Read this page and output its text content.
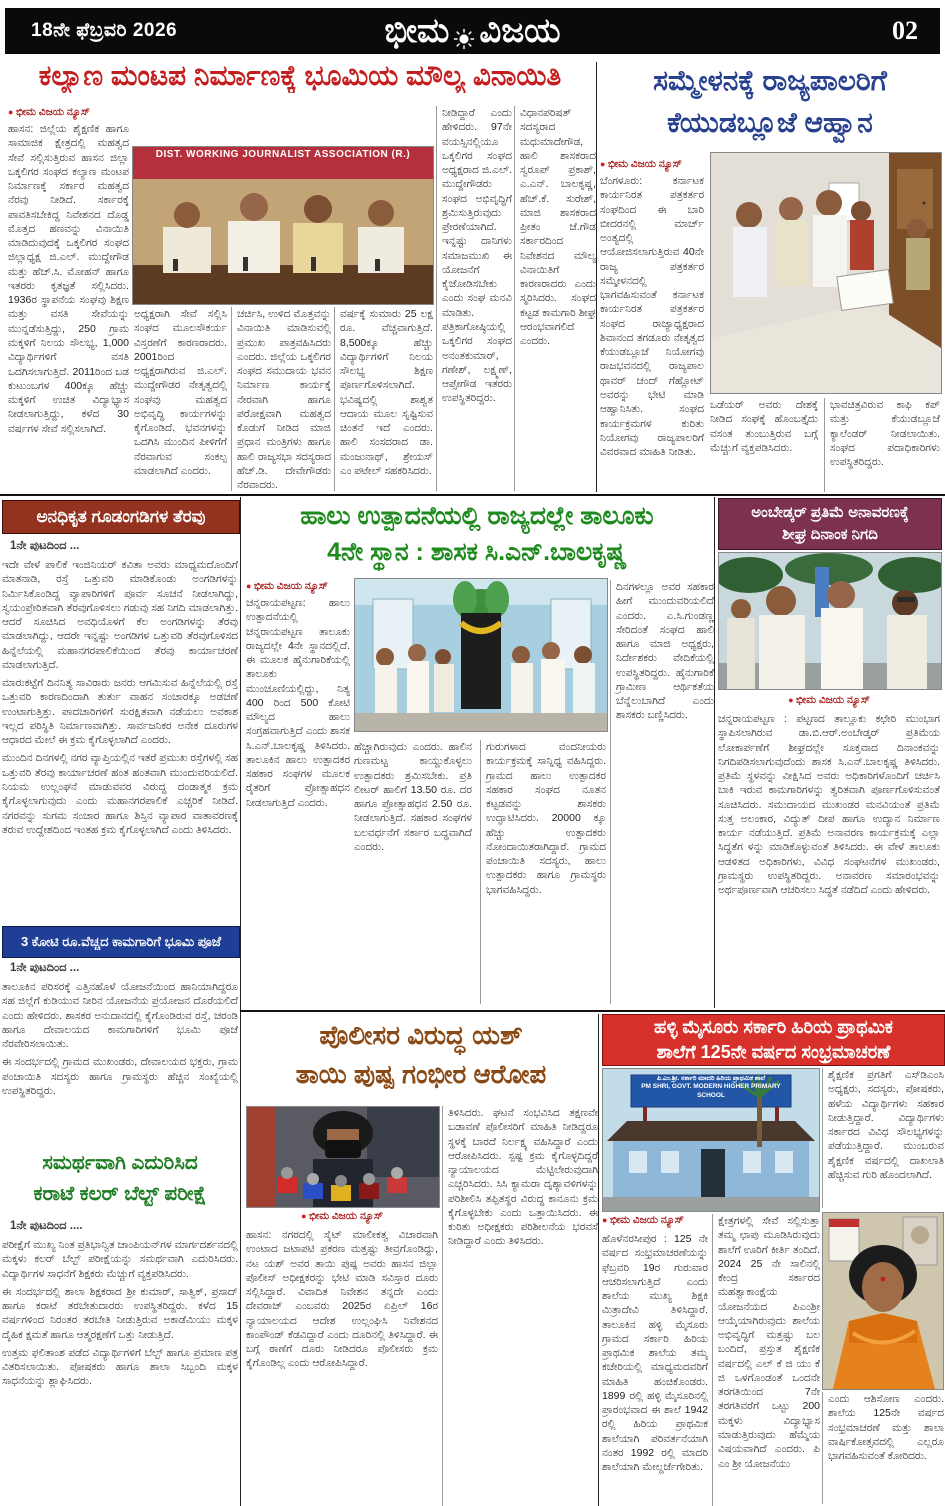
18ನೇ ಫೆಬ್ರವರಿ 2026	ಭೀಮ ವಿಜಯ	02
ಕಲ್ಯಾಣ ಮಂಟಪ ನಿರ್ಮಾಣಕ್ಕೆ ಭೂಮಿಯ ಮೌಲ್ಯ ವಿನಾಯಿತಿ
● ಭೀಮ ವಿಜಯ ನ್ಯೂಸ್
ಹಾಸನ: ಜಿಲ್ಲೆಯ ಶೈಕ್ಷಣಿಕ ಹಾಗೂ ಸಾಮಾಜಿಕ ಕ್ಷೇತ್ರದಲ್ಲಿ ಮಹತ್ವದ ಸೇವೆ ಸಲ್ಲಿಸುತ್ತಿರುವ ಹಾಸನ ಜಿಲ್ಲಾ ಒಕ್ಕಲಿಗರ ಸಂಘದ ಕಲ್ಯಾಣ ಮಂಟಪ ನಿರ್ಮಾಣಕ್ಕೆ ಸರ್ಕಾರ ಮಹತ್ವದ ನೆರವು ನೀಡಿದೆ. ಸರ್ಕಾರಕ್ಕೆ ಪಾವತಿಸಬೇಕಿದ್ದ ನಿವೇಶನದ ದೊಡ್ಡ ಮೊತ್ತದ ಹಣವನ್ನು ವಿನಾಯಿತಿ ಮಾಡಿದುವುದಕ್ಕೆ ಒಕ್ಕಲಿಗರ ಸಂಘದ ಜಿಲ್ಲಾಧ್ಯಕ್ಷ ಜಿ.ಎಲ್. ಮುದ್ದೇಗೌಡ ಮತ್ತು ಹೆಚ್.ಸಿ. ಮೋಹನ್ ಹಾಗೂ ಇತರರು ಕೃತಜ್ಞತೆ ಸಲ್ಲಿಸಿದರು. 1936ರ ಸ್ಥಾಪನೆಯ ಸಂಘವು ಶಿಕ್ಷಣ ಮತ್ತು ವಸತಿ ಸೇವೆಯನ್ನು ಮುನ್ನಡೆಸುತ್ತಿದ್ದು, 250 ಗ್ರಾಮ ಮಕ್ಕಳಿಗೆ ನಿಲಯ ಸೌಲಭ್ಯ, 1,000 ವಿದ್ಯಾರ್ಥಿಗಳಿಗೆ ವಸತಿ ಒದಗಿಸಲಾಗುತ್ತಿದೆ. 2011ರಿಂದ ಬಡ ಕುಟುಂಬಗಳ 400ಕ್ಕೂ ಹೆಚ್ಚು ಮಕ್ಕಳಿಗೆ ಉಚಿತ ವಿದ್ಯಾಭ್ಯಾಸ ನೀಡಲಾಗುತ್ತಿದ್ದು, ಕಳೆದ 30 ವರ್ಷಗಳ ಸೇವೆ ಸಲ್ಲಿಸಲಾಗಿದೆ.
DIST. WORKING JOURNALIST ASSOCIATION (R.)
ಅಧ್ಯಕ್ಷರಾಗಿ ಸೇವೆ ಸಲ್ಲಿಸಿ ಸಂಘದ ಮೂಲಸೌಕರ್ಯ ವಿಸ್ತರಣೆಗೆ ಕಾರಣರಾದರು. 2001ರಿಂದ ಅಧ್ಯಕ್ಷರಾಗಿರುವ ಜಿ.ಎಲ್. ಮುದ್ದೇಗೌಡರ ನೇತೃತ್ವದಲ್ಲಿ ಸಂಘವು ಮಹತ್ವದ ಅಭಿವೃದ್ಧಿ ಕಾರ್ಯಗಳನ್ನು ಕೈಗೊಂಡಿದೆ. ಭವನಗಳನ್ನು ಒದಗಿಸಿ ಮುಂದಿನ ಪೀಳಿಗೆಗೆ ನೆರವಾಗುವ ಸಂಕಲ್ಪ ಮಾಡಲಾಗಿದೆ ಎಂದರು.
ಚರ್ಚಿಸಿ, ಉಳಿದ ಮೊತ್ತವನ್ನು ವಿನಾಯಿತಿ ಮಾಡಿಸುವಲ್ಲಿ ಪ್ರಮುಖ ಪಾತ್ರವಹಿಸಿದರು ಎಂದರು. ಜಿಲ್ಲೆಯ ಒಕ್ಕಲಿಗರ ಸಂಘದ ಸಮುದಾಯ ಭವನ ನಿರ್ಮಾಣ ಕಾರ್ಯಕ್ಕೆ ನೇರವಾಗಿ ಹಾಗೂ ಪರೋಕ್ಷವಾಗಿ ಮಹತ್ವದ ಕೊಡುಗೆ ನೀಡಿದ ಮಾಜಿ ಪ್ರಧಾನ ಮಂತ್ರಿಗಳು ಹಾಗೂ ಹಾಲಿ ರಾಜ್ಯಸಭಾ ಸದಸ್ಯರಾದ ಹೆಚ್.ಡಿ. ದೇವೇಗೌಡರು ನೆರವಾದರು.
ವರ್ಷಕ್ಕೆ ಸುಮಾರು 25 ಲಕ್ಷ ರೂ. ವೆಚ್ಚವಾಗುತ್ತಿದೆ. 8,500ಕ್ಕೂ ಹೆಚ್ಚು ವಿದ್ಯಾರ್ಥಿಗಳಿಗೆ ನಿಲಯ ಸೌಲಭ್ಯ ಶಿಕ್ಷಣ ಪೂರ್ಣಗೊಳಿಸಲಾಗಿದೆ. ಭವಿಷ್ಯದಲ್ಲಿ ಶಾಶ್ವತ ಆದಾಯ ಮೂಲ ಸೃಷ್ಟಿಸುವ ಚಿಂತನೆ ಇದೆ ಎಂದರು. ಹಾಲಿ ಸಂಸದರಾದ ಡಾ. ಮಂಜುನಾಥ್, ಶ್ರೇಯಸ್ ಎಂ ಪಟೇಲ್ ಸಹಕರಿಸಿದರು.
ನೀಡಿದ್ದಾರೆ ಎಂದು ಹೇಳಿದರು. 97ನೇ ವಯಸ್ಸಿನಲ್ಲಿಯೂ ಒಕ್ಕಲಿಗರ ಸಂಘದ ಅಧ್ಯಕ್ಷರಾದ ಜಿ.ಎಲ್. ಮುದ್ದೇಗೌಡರು ಸಂಘದ ಅಭಿವೃದ್ಧಿಗೆ ಶ್ರಮಿಸುತ್ತಿರುವುದು ಪ್ರೇರಣೆಯಾಗಿದೆ. ಇನ್ನಷ್ಟು ದಾನಿಗಳು ಸಮಾಜಮುಖಿ ಈ ಯೋಜನೆಗೆ ಕೈಜೋಡಿಸಬೇಕು ಎಂದು ಸಂಘ ಮನವಿ ಮಾಡಿತು. ಪತ್ರಿಕಾಗೋಷ್ಠಿಯಲ್ಲಿ ಒಕ್ಕಲಿಗರ ಸಂಘದ ಅನಂತಕುಮಾರ್, ಗಣೇಶ್, ಲಕ್ಷ್ಮಣ್, ಆಪ್ಸೇಗೌಡ ಇತರರು ಉಪಸ್ಥಿತರಿದ್ದರು.
ವಿಧಾನಪರಿಷತ್ ಸದಸ್ಯರಾದ ಮಧುಮಾದೇಗೌಡ, ಹಾಲಿ ಶಾಸಕರಾದ ಸ್ವರೂಪ್ ಪ್ರಕಾಶ್, ಎ.ಎನ್. ಬಾಲಕೃಷ್ಣ, ಹೆಚ್.ಕೆ. ಸುರೇಶ್, ಮಾಜಿ ಶಾಸಕರಾದ ಪ್ರೀತಂ ಜೆ.ಗೌಡ ಸರ್ಕಾರದಿಂದ ನಿವೇಶನದ ಮೌಲ್ಯ ವಿನಾಯಿತಿಗೆ ಕಾರಣರಾದರು ಎಂದು ಸ್ಮರಿಸಿದರು. ಸಂಘದ ಕಟ್ಟಡ ಕಾಮಗಾರಿ ಶೀಘ್ರ ಆರಂಭವಾಗಲಿದೆ ಎಂದರು.
ಸಮ್ಮೇಳನಕ್ಕೆ ರಾಜ್ಯಪಾಲರಿಗೆ
ಕೆಯುಡಬ್ಲೂಜೆ ಆಹ್ವಾನ
● ಭೀಮ ವಿಜಯ ನ್ಯೂಸ್
ಬೆಂಗಳೂರು: ಕರ್ನಾಟಕ ಕಾರ್ಯನಿರತ ಪತ್ರಕರ್ತರ ಸಂಘದಿಂದ ಈ ಬಾರಿ ಬೀದರನಲ್ಲಿ ಮಾರ್ಚ್ ಅಂತ್ಯದಲ್ಲಿ ಆಯೋಜಿಸಲಾಗುತ್ತಿರುವ 40ನೇ ರಾಜ್ಯ ಪತ್ರಕರ್ತರ ಸಮ್ಮೇಳನದಲ್ಲಿ ಭಾಗವಹಿಸುವಂತೆ ಕರ್ನಾಟಕ ಕಾರ್ಯನಿರತ ಪತ್ರಕರ್ತರ ಸಂಘದ ರಾಜ್ಯಾಧ್ಯಕ್ಷರಾದ ಶಿವಾನಂದ ತಗಡೂರು ನೇತೃತ್ವದ ಕೆಯುಡಬ್ಲೂಜೆ ನಿಯೋಗವು ರಾಜಭವನದಲ್ಲಿ ರಾಜ್ಯಪಾಲ ಥಾವರ್ ಚಂದ್ ಗೆಹ್ಲೋಟ್ ಅವರನ್ನು ಭೇಟಿ ಮಾಡಿ ಆಹ್ವಾನಿಸಿತು. ಸಂಘದ ಕಾರ್ಯಕ್ರಮಗಳ ಕುರಿತು ನಿಯೋಗವು ರಾಜ್ಯಪಾಲರಿಗೆ ವಿವರವಾದ ಮಾಹಿತಿ ನೀಡಿತು.
ಒಡೆಯರ್ ಅವರು ದೇಶಕ್ಕೆ ನೀಡಿದ ಸಂಘಕ್ಕೆ ಹೊಂಬತ್ತೈದು ವಸಂತ ತುಂಬುತ್ತಿರುವ ಬಗ್ಗೆ ಮೆಚ್ಚುಗೆ ವ್ಯಕ್ತಪಡಿಸಿದರು.
ಭಾವಚಿತ್ರವಿರುವ ಕಾಫಿ ಕಪ್ ಮತ್ತು ಕೆಯುಡಬ್ಲೂಜೆ ಕ್ಯಾಲೆಂಡರ್ ನೀಡಲಾಯಿತು. ಸಂಘದ ಪದಾಧಿಕಾರಿಗಳು ಉಪಸ್ಥಿತರಿದ್ದರು.
ಅನಧಿಕೃತ ಗೂಡಂಗಡಿಗಳ ತೆರವು
1ನೇ ಪುಟದಿಂದ ...
ಇದೇ ವೇಳೆ ಪಾಲಿಕೆ ಇಂಜಿನಿಯರ್ ಕವಿತಾ ಅವರು ಮಾಧ್ಯಮದೊಂದಿಗೆ ಮಾತನಾಡಿ, ರಸ್ತೆ ಒತ್ತುವರಿ ಮಾಡಿಕೊಂಡು ಅಂಗಡಿಗಳನ್ನು ನಿರ್ಮಿಸಿಕೊಂಡಿದ್ದ ವ್ಯಾಪಾರಿಗಳಿಗೆ ಪೂರ್ವ ಸೂಚನೆ ನೀಡಲಾಗಿದ್ದು, ಸ್ವಯಂಪ್ರೇರಿತವಾಗಿ ತೆರವುಗೊಳಿಸಲು ಗಡುವು ಸಹ ನಿಗದಿ ಮಾಡಲಾಗಿತ್ತು. ಆದರೆ ಸೂಚಿಸಿದ ಅವಧಿಯೊಳಗೆ ಕೆಲ ಅಂಗಡಿಗಳನ್ನು ತೆರವು ಮಾಡಲಾಗಿದ್ದು, ಆದರೇ ಇನ್ನಷ್ಟು ಅಂಗಡಿಗಳ ಒತ್ತುವರಿ ತೆರವುಗೊಳಿಸದ ಹಿನ್ನೆಲೆಯಲ್ಲಿ ಮಹಾನಗರಪಾಲಿಕೆಯಿಂದ ತೆರವು ಕಾರ್ಯಾಚರಣೆ ಮಾಡಲಾಗುತ್ತಿದೆ.
ಮಾರುಕಟ್ಟೆಗೆ ದಿನನಿತ್ಯ ಸಾವಿರಾರು ಜನರು ಆಗಮಿಸುವ ಹಿನ್ನೆಲೆಯಲ್ಲಿ ರಸ್ತೆ ಒತ್ತುವರಿ ಕಾರಣದಿಂದಾಗಿ ತುರ್ತು ವಾಹನ ಸಂಚಾರಕ್ಕೂ ಅಡಚಣೆ ಉಂಟಾಗುತ್ತಿತ್ತು. ಪಾದಚಾರಿಗಳಿಗೆ ಸುರಕ್ಷಿತವಾಗಿ ನಡೆಯಲು ಅವಕಾಶ ಇಲ್ಲದ ಪರಿಸ್ಥಿತಿ ನಿರ್ಮಾಣವಾಗಿತ್ತು. ಸಾರ್ವಜನಿಕರ ಅನೇಕ ದೂರುಗಳ ಆಧಾರದ ಮೇಲೆ ಈ ಕ್ರಮ ಕೈಗೊಳ್ಳಲಾಗಿದೆ ಎಂದರು.
ಮುಂದಿನ ದಿನಗಳಲ್ಲಿ ನಗರ ವ್ಯಾಪ್ತಿಯಲ್ಲಿನ ಇತರೆ ಪ್ರಮುಖ ರಸ್ತೆಗಳಲ್ಲಿ ಸಹ ಒತ್ತುವರಿ ತೆರವು ಕಾರ್ಯಾಚರಣೆ ಹಂತ ಹಂತವಾಗಿ ಮುಂದುವರಿಯಲಿದೆ. ನಿಯಮ ಉಲ್ಲಂಘನೆ ಮಾಡುವವರ ವಿರುದ್ಧ ದಂಡಾತ್ಮಕ ಕ್ರಮ ಕೈಗೊಳ್ಳಲಾಗುವುದು ಎಂದು ಮಹಾನಗರಪಾಲಿಕೆ ಎಚ್ಚರಿಕೆ ನೀಡಿದೆ. ನಗರವನ್ನು ಸುಗಮ ಸಂಚಾರ ಹಾಗೂ ಶಿಸ್ತಿನ ವ್ಯಾಪಾರ ವಾತಾವರಣಕ್ಕೆ ತರುವ ಉದ್ದೇಶದಿಂದ ಇಂತಹ ಕ್ರಮ ಕೈಗೊಳ್ಳಲಾಗಿದೆ ಎಂದು ತಿಳಿಸಿದರು.
3 ಕೋಟಿ ರೂ.ವೆಚ್ಚದ ಕಾಮಗಾರಿಗೆ ಭೂಮಿ ಪೂಜೆ
1ನೇ ಪುಟದಿಂದ ...
ತಾಲೂಕಿನ ಪರಿಸರಕ್ಕೆ ಎತ್ತಿನಹೊಳೆ ಯೋಜನೆಯಿಂದ ಹಾನಿಯಾಗಿದ್ದರೂ ಸಹ ಜಿಲ್ಲೆಗೆ ಕುಡಿಯುವ ನೀರಿನ ಯೋಜನೆಯ ಪ್ರಯೋಜನ ದೊರೆಯಲಿದೆ ಎಂದು ಹೇಳಿದರು. ಶಾಸಕರ ಅನುದಾನದಲ್ಲಿ ಕೈಗೊಂಡಿರುವ ರಸ್ತೆ, ಚರಂಡಿ ಹಾಗೂ ದೇವಾಲಯದ ಕಾಮಗಾರಿಗಳಿಗೆ ಭೂಮಿ ಪೂಜೆ ನೆರವೇರಿಸಲಾಯಿತು.
ಈ ಸಂದರ್ಭದಲ್ಲಿ ಗ್ರಾಮದ ಮುಖಂಡರು, ದೇವಾಲಯದ ಭಕ್ತರು, ಗ್ರಾಮ ಪಂಚಾಯಿತಿ ಸದಸ್ಯರು ಹಾಗೂ ಗ್ರಾಮಸ್ಥರು ಹೆಚ್ಚಿನ ಸಂಖ್ಯೆಯಲ್ಲಿ ಉಪಸ್ಥಿತರಿದ್ದರು.
ಸಮರ್ಥವಾಗಿ ಎದುರಿಸಿದ
ಕರಾಟೆ ಕಲರ್ ಬೆಲ್ಟ್ ಪರೀಕ್ಷೆ
1ನೇ ಪುಟದಿಂದ ....
ಪರೀಕ್ಷೆಗೆ ಮುಖ್ಯ ನಿಂತ ಪ್ರತಿಭಾನ್ವಿತ ಚಾಂಪಿಯನ್‌ಗಳ ಮಾರ್ಗದರ್ಶನದಲ್ಲಿ ಮಕ್ಕಳು ಕಲರ್ ಬೆಲ್ಟ್ ಪರೀಕ್ಷೆಯನ್ನು ಸಮರ್ಥವಾಗಿ ಎದುರಿಸಿದರು. ವಿದ್ಯಾರ್ಥಿಗಳ ಸಾಧನೆಗೆ ಶಿಕ್ಷಕರು ಮೆಚ್ಚುಗೆ ವ್ಯಕ್ತಪಡಿಸಿದರು.
ಈ ಸಂದರ್ಭದಲ್ಲಿ ಶಾಲಾ ಶಿಕ್ಷಕರಾದ ಶ್ರೀ ಕುಮಾರ್, ಸಾತ್ವಿಕ್, ಪ್ರಸಾದ್ ಹಾಗೂ ಕರಾಟೆ ತರಬೇತುದಾರರು ಉಪಸ್ಥಿತರಿದ್ದರು. ಕಳೆದ 15 ವರ್ಷಗಳಿಂದ ನಿರಂತರ ತರಬೇತಿ ನೀಡುತ್ತಿರುವ ಅಕಾಡೆಮಿಯು ಮಕ್ಕಳ ದೈಹಿಕ ಕ್ಷಮತೆ ಹಾಗೂ ಆತ್ಮರಕ್ಷಣೆಗೆ ಒತ್ತು ನೀಡುತ್ತಿದೆ.
ಉತ್ತಮ ಫಲಿತಾಂಶ ಪಡೆದ ವಿದ್ಯಾರ್ಥಿಗಳಿಗೆ ಬೆಲ್ಟ್ ಹಾಗೂ ಪ್ರಮಾಣ ಪತ್ರ ವಿತರಿಸಲಾಯಿತು. ಪೋಷಕರು ಹಾಗೂ ಶಾಲಾ ಸಿಬ್ಬಂದಿ ಮಕ್ಕಳ ಸಾಧನೆಯನ್ನು ಶ್ಲಾಘಿಸಿದರು.
ಹಾಲು ಉತ್ಪಾದನೆಯಲ್ಲಿ ರಾಜ್ಯದಲ್ಲೇ ತಾಲೂಕು
4ನೇ ಸ್ಥಾನ : ಶಾಸಕ ಸಿ.ಎನ್.ಬಾಲಕೃಷ್ಣ
● ಭೀಮ ವಿಜಯ ನ್ಯೂಸ್
ಚನ್ನರಾಯಪಟ್ಟಣ: ಹಾಲು ಉತ್ಪಾದನೆಯಲ್ಲಿ ಚನ್ನರಾಯಪಟ್ಟಣ ತಾಲೂಕು ರಾಜ್ಯದಲ್ಲೇ 4ನೇ ಸ್ಥಾನದಲ್ಲಿದೆ. ಈ ಮೂಲಕ ಹೈನುಗಾರಿಕೆಯಲ್ಲಿ ತಾಲೂಕು ಮುಂಚೂಣಿಯಲ್ಲಿದ್ದು, ನಿತ್ಯ 400 ರಿಂದ 500 ಕೋಟಿ ಮೌಲ್ಯದ ಹಾಲು ಸಂಗ್ರಹವಾಗುತ್ತಿದೆ ಎಂದು ಶಾಸಕ ಸಿ.ಎನ್.ಬಾಲಕೃಷ್ಣ ತಿಳಿಸಿದರು. ತಾಲೂಕಿನ ಹಾಲು ಉತ್ಪಾದಕರ ಸಹಕಾರ ಸಂಘಗಳ ಮೂಲಕ ರೈತರಿಗೆ ಪ್ರೋತ್ಸಾಹಧನ ನೀಡಲಾಗುತ್ತಿದೆ ಎಂದರು.
ಹೆಚ್ಚಾಗಿರುವುದು ಎಂದರು. ಹಾಲಿನ ಗುಣಮಟ್ಟ ಕಾಯ್ದುಕೊಳ್ಳಲು ಉತ್ಪಾದಕರು ಶ್ರಮಿಸಬೇಕು. ಪ್ರತಿ ಲೀಟರ್ ಹಾಲಿಗೆ 13.50 ರೂ. ದರ ಹಾಗೂ ಪ್ರೋತ್ಸಾಹಧನ 2.50 ರೂ. ನೀಡಲಾಗುತ್ತಿದೆ. ಸಹಕಾರ ಸಂಘಗಳ ಬಲವರ್ಧನೆಗೆ ಸರ್ಕಾರ ಬದ್ಧವಾಗಿದೆ ಎಂದರು.
ಗುರುಗಳಾದ ವಂದನೀಯರು ಕಾರ್ಯಕ್ರಮಕ್ಕೆ ಸಾನ್ನಿಧ್ಯ ವಹಿಸಿದ್ದರು. ಗ್ರಾಮದ ಹಾಲು ಉತ್ಪಾದಕರ ಸಹಕಾರ ಸಂಘದ ನೂತನ ಕಟ್ಟಡವನ್ನು ಶಾಸಕರು ಉದ್ಘಾಟಿಸಿದರು. 20000 ಕ್ಕೂ ಹೆಚ್ಚು ಉತ್ಪಾದಕರು ನೋಂದಾಯಿತರಾಗಿದ್ದಾರೆ. ಗ್ರಾಮದ ಪಂಚಾಯಿತಿ ಸದಸ್ಯರು, ಹಾಲು ಉತ್ಪಾದಕರು ಹಾಗೂ ಗ್ರಾಮಸ್ಥರು ಭಾಗವಹಿಸಿದ್ದರು.
ದಿನಗಳಲ್ಲೂ ಅವರ ಸಹಕಾರ ಹೀಗೆ ಮುಂದುವರಿಯಲಿದೆ ಎಂದರು. ಎ.ಸಿ.ಗುಂಡಣ್ಣ ಸೇರಿದಂತೆ ಸಂಘದ ಹಾಲಿ ಹಾಗೂ ಮಾಜಿ ಅಧ್ಯಕ್ಷರು, ನಿರ್ದೇಶಕರು ವೇದಿಕೆಯಲ್ಲಿ ಉಪಸ್ಥಿತರಿದ್ದರು. ಹೈನುಗಾರಿಕೆ ಗ್ರಾಮೀಣ ಆರ್ಥಿಕತೆಯ ಬೆನ್ನೆಲುಬಾಗಿದೆ ಎಂದು ಶಾಸಕರು ಬಣ್ಣಿಸಿದರು.
ಅಂಬೇಡ್ಕರ್ ಪ್ರತಿಮೆ ಅನಾವರಣಕ್ಕೆ
ಶೀಘ್ರ ದಿನಾಂಕ ನಿಗದಿ
● ಭೀಮ ವಿಜಯ ನ್ಯೂಸ್
ಚನ್ನರಾಯಪಟ್ಟಣ : ಪಟ್ಟಣದ ತಾಲ್ಲೂಕು ಕಛೇರಿ ಮುಂಭಾಗ ಸ್ಥಾಪಿಸಲಾಗಿರುವ ಡಾ.ಬಿ.ಆರ್.ಅಂಬೇಡ್ಕರ್ ಪ್ರತಿಮೆಯ ಲೋಕಾರ್ಪಣೆಗೆ ಶೀಘ್ರದಲ್ಲೇ ಸೂಕ್ತವಾದ ದಿನಾಂಕವನ್ನು ನಿಗದಿಪಡಿಸಲಾಗುವುದೆಂದು ಶಾಸಕ ಸಿ.ಎನ್.ಬಾಲಕೃಷ್ಣ ತಿಳಿಸಿದರು. ಪ್ರತಿಮೆ ಸ್ಥಳವನ್ನು ವೀಕ್ಷಿಸಿದ ಅವರು ಅಧಿಕಾರಿಗಳೊಂದಿಗೆ ಚರ್ಚಿಸಿ ಬಾಕಿ ಇರುವ ಕಾಮಗಾರಿಗಳನ್ನು ತ್ವರಿತವಾಗಿ ಪೂರ್ಣಗೊಳಿಸುವಂತೆ ಸೂಚಿಸಿದರು. ಸಮುದಾಯದ ಮುಖಂಡರ ಮನವಿಯಂತೆ ಪ್ರತಿಮೆ ಸುತ್ತ ಅಲಂಕಾರ, ವಿದ್ಯುತ್ ದೀಪ ಹಾಗೂ ಉದ್ಯಾನ ನಿರ್ಮಾಣ ಕಾರ್ಯ ನಡೆಯುತ್ತಿದೆ. ಪ್ರತಿಮೆ ಅನಾವರಣ ಕಾರ್ಯಕ್ರಮಕ್ಕೆ ಎಲ್ಲಾ ಸಿದ್ಧತೆಗ ಳನ್ನು ಮಾಡಿಕೊಳ್ಳುವಂತೆ ತಿಳಿಸಿದರು. ಈ ವೇಳೆ ತಾಲೂಕು ಆಡಳಿತದ ಅಧಿಕಾರಿಗಳು, ವಿವಿಧ ಸಂಘಟನೆಗಳ ಮುಖಂಡರು, ಗ್ರಾಮಸ್ಥರು ಉಪಸ್ಥಿತರಿದ್ದರು. ಅನಾವರಣ ಸಮಾರಂಭವನ್ನು ಅರ್ಥಪೂರ್ಣವಾಗಿ ಆಚರಿಸಲು ಸಿದ್ಧತೆ ನಡೆದಿದೆ ಎಂದು ಹೇಳಿದರು.
ಪೊಲೀಸರ ವಿರುದ್ಧ ಯಶ್
ತಾಯಿ ಪುಷ್ಪ ಗಂಭೀರ ಆರೋಪ
● ಭೀಮ ವಿಜಯ ನ್ಯೂಸ್
ಹಾಸನ: ನಗರದಲ್ಲಿ ಸೈಟ್ ಮಾಲೀಕತ್ವ ವಿಚಾರವಾಗಿ ಉಂಟಾದ ಜಟಾಪಟಿ ಪ್ರಕರಣ ಮತ್ತಷ್ಟು ತೀವ್ರಗೊಂಡಿದ್ದು, ನಟ ಯಶ್ ಅವರ ತಾಯಿ ಪುಷ್ಪ ಅವರು ಹಾಸನ ಜಿಲ್ಲಾ ಪೊಲೀಸ್ ಅಧೀಕ್ಷಕರನ್ನು ಭೇಟಿ ಮಾಡಿ ಸವಿಸ್ತಾರ ದೂರು ಸಲ್ಲಿಸಿದ್ದಾರೆ. ವಿವಾದಿತ ನಿವೇಶನ ತನ್ನದೇ ಎಂದು ದೇವರಾಜ್ ಎಂಬವರು 2025ರ ಏಪ್ರಿಲ್ 16ರ ನ್ಯಾಯಾಲಯದ ಆದೇಶ ಉಲ್ಲಂಘಿಸಿ ನಿವೇಶನದ ಕಾಂಪೌಂಡ್ ಕೆಡವಿದ್ದಾರೆ ಎಂದು ದೂರಿನಲ್ಲಿ ತಿಳಿಸಿದ್ದಾರೆ. ಈ ಬಗ್ಗೆ ಠಾಣೆಗೆ ದೂರು ನೀಡಿದರೂ ಪೊಲೀಸರು ಕ್ರಮ ಕೈಗೊಂಡಿಲ್ಲ ಎಂದು ಆರೋಪಿಸಿದ್ದಾರೆ.
ತಿಳಿಸಿದರು. ಘಟನೆ ಸಂಭವಿಸಿದ ತಕ್ಷಣವೇ ಬಡಾವಣೆ ಪೊಲೀಸರಿಗೆ ಮಾಹಿತಿ ನೀಡಿದ್ದರೂ ಸ್ಥಳಕ್ಕೆ ಬಾರದೆ ನಿರ್ಲಕ್ಷ್ಯ ವಹಿಸಿದ್ದಾರೆ ಎಂದು ಆರೋಪಿಸಿದರು. ಸ್ಪಷ್ಟ ಕ್ರಮ ಕೈಗೊಳ್ಳದಿದ್ದರೆ ನ್ಯಾಯಾಲಯದ ಮೆಟ್ಟಿಲೇರುವುದಾಗಿ ಎಚ್ಚರಿಸಿದರು. ಸಿಸಿ ಕ್ಯಾಮರಾ ದೃಶ್ಯಾವಳಿಗಳನ್ನು ಪರಿಶೀಲಿಸಿ ತಪ್ಪಿತಸ್ಥರ ವಿರುದ್ಧ ಕಾನೂನು ಕ್ರಮ ಕೈಗೊಳ್ಳಬೇಕು ಎಂದು ಒತ್ತಾಯಿಸಿದರು. ಈ ಕುರಿತು ಅಧೀಕ್ಷಕರು ಪರಿಶೀಲನೆಯ ಭರವಸೆ ನೀಡಿದ್ದಾರೆ ಎಂದು ತಿಳಿಸಿದರು.
ಹಳ್ಳಿ ಮೈಸೂರು ಸರ್ಕಾರಿ ಹಿರಿಯ ಪ್ರಾಥಮಿಕ
ಶಾಲೆಗೆ 125ನೇ ವರ್ಷದ ಸಂಭ್ರಮಾಚರಣೆ
ಪಿ.ಎಂ.ಶ್ರೀ. ಸರ್ಕಾರಿ ಮಾದರಿ ಹಿರಿಯ ಪ್ರಾಥಮಿಕ ಶಾಲೆ
PM SHRI, GOVT. MODERN HIGHER PRIMARY SCHOOL
ಶೈಕ್ಷಣಿಕ ಪ್ರಗತಿಗೆ ಎಸ್‌ಡಿಎಂಸಿ ಅಧ್ಯಕ್ಷರು, ಸದಸ್ಯರು, ಪೋಷಕರು, ಹಳೆಯ ವಿದ್ಯಾರ್ಥಿಗಳು ಸಹಕಾರ ನೀಡುತ್ತಿದ್ದಾರೆ. ವಿದ್ಯಾರ್ಥಿಗಳು ಸರ್ಕಾರದ ವಿವಿಧ ಸೌಲಭ್ಯಗಳನ್ನು ಪಡೆಯುತ್ತಿದ್ದಾರೆ. ಮುಂಬರುವ ಶೈಕ್ಷಣಿಕ ವರ್ಷದಲ್ಲಿ ದಾಖಲಾತಿ ಹೆಚ್ಚಿಸುವ ಗುರಿ ಹೊಂದಲಾಗಿದೆ.
ಎಂದು ಆಶಿಸೋಣ ಎಂದರು. ಶಾಲೆಯ 125ನೇ ವರ್ಷದ ಸಂಭ್ರಮಾಚರಣೆ ಮತ್ತು ಶಾಲಾ ವಾರ್ಷಿಕೋತ್ಸವದಲ್ಲಿ ಎಲ್ಲರೂ ಭಾಗವಹಿಸುವಂತೆ ಕೋರಿದರು.
● ಭೀಮ ವಿಜಯ ನ್ಯೂಸ್
ಹೊಳೆನರಸೀಪುರ : 125 ನೇ ವರ್ಷದ ಸಂಭ್ರಮಾಚರಣೆಯನ್ನು ಫೆಬ್ರವರಿ 19ರ ಗುರುವಾರ ಆಚರಿಸಲಾಗುತ್ತಿದೆ ಎಂದು ಶಾಲೆಯ ಮುಖ್ಯ ಶಿಕ್ಷಕಿ ಮಿತ್ರಾದೇವಿ ತಿಳಿಸಿದ್ದಾರೆ. ತಾಲೂಕಿನ ಹಳ್ಳಿ ಮೈಸೂರು ಗ್ರಾಮದ ಸರ್ಕಾರಿ ಹಿರಿಯ ಪ್ರಾಥಮಿಕ ಶಾಲೆಯ ತಮ್ಮ ಕಚೇರಿಯಲ್ಲಿ ಮಾಧ್ಯಮದವರಿಗೆ ಮಾಹಿತಿ ಹಂಚಿಕೊಂಡರು. 1899 ರಲ್ಲಿ ಹಳ್ಳಿ ಮೈಸೂರಿನಲ್ಲಿ ಪ್ರಾರಂಭವಾದ ಈ ಶಾಲೆ 1942 ರಲ್ಲಿ ಹಿರಿಯ ಪ್ರಾಥಮಿಕ ಶಾಲೆಯಾಗಿ ಪರಿವರ್ತನೆಯಾಗಿ ನಂತರ 1992 ರಲ್ಲಿ ಮಾದರಿ ಶಾಲೆಯಾಗಿ ಮೇಲ್ದರ್ಜೆಗೇರಿತು.
ಕ್ಷೇತ್ರಗಳಲ್ಲಿ ಸೇವೆ ಸಲ್ಲಿಸುತ್ತಾ ತಮ್ಮ ಛಾಪು ಮೂಡಿಸಿರುವುದು ಶಾಲೆಗೆ ಊರಿಗೆ ಕೀರ್ತಿ ತಂದಿದೆ. 2024 25 ನೇ ಸಾಲಿನಲ್ಲಿ ಕೇಂದ್ರ ಸರ್ಕಾರದ ಮಹತ್ವಾಕಾಂಕ್ಷೆಯ ಯೋಜನೆಯದ ಪಿಎಂಶ್ರೀ ಆಯ್ಕೆಯಾಗಿರುವುದು ಶಾಲೆಯ ಅಭಿವೃದ್ಧಿಗೆ ಮತ್ತಷ್ಟು ಬಲ ಬಂದಿದೆ, ಪ್ರಸ್ತುತ ಶೈಕ್ಷಣಿಕ ವರ್ಷದಲ್ಲಿ ಎಲ್ ಕೆ ಜಿ ಯು ಕೆ ಜಿ ಒಳಗೊಂಡಂತೆ ಒಂದನೇ ತರಗತಿಯಿಂದ 7ನೇ ತರಗತಿವರೆಗೆ ಒಟ್ಟು 200 ಮಕ್ಕಳು ವಿದ್ಯಾಭ್ಯಾಸ ಮಾಡುತ್ತಿರುವುದು ಹೆಮ್ಮೆಯ ವಿಷಯವಾಗಿದೆ ಎಂದರು. ಪಿ ಎಂ ಶ್ರೀ ಯೋಜನೆಯು
